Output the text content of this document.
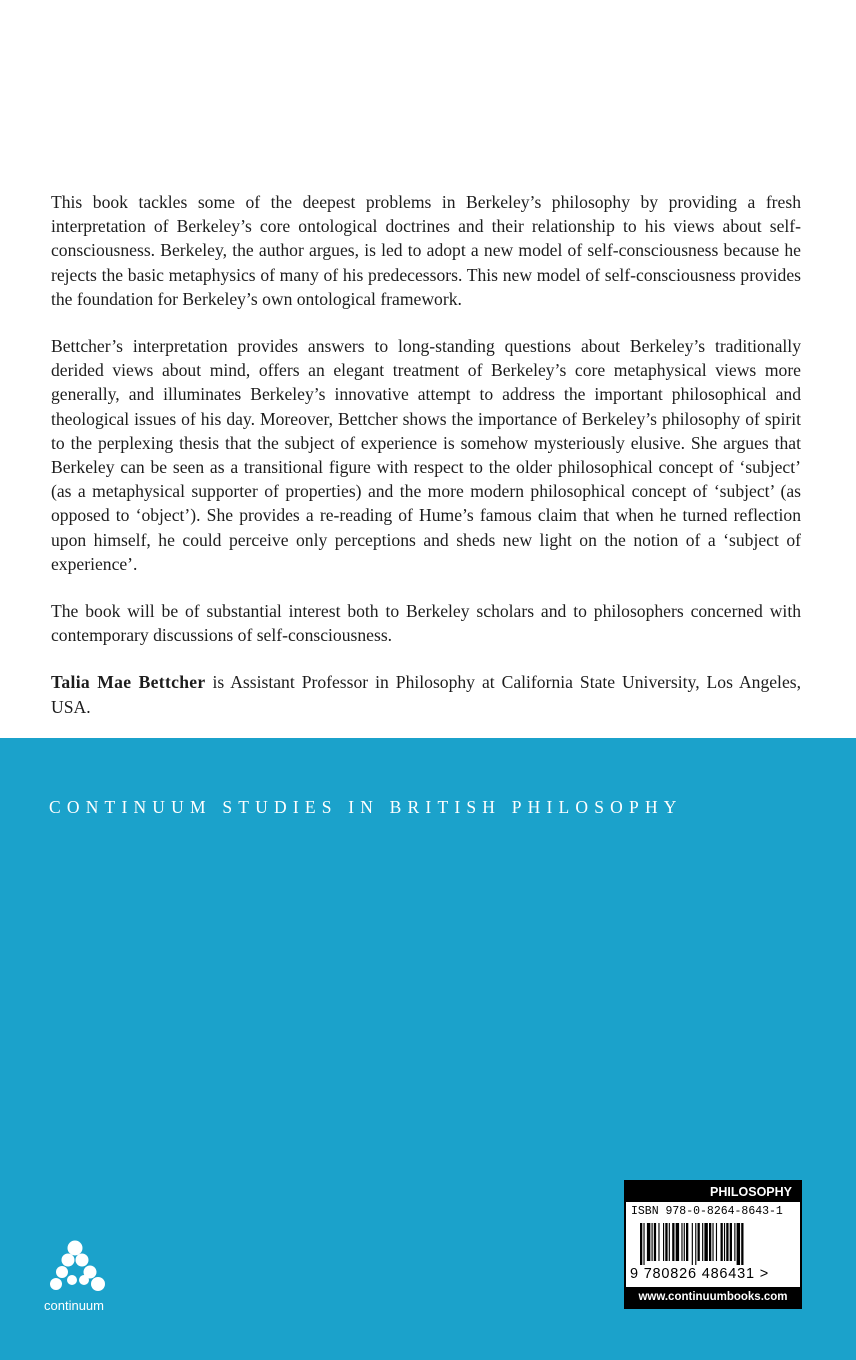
This book tackles some of the deepest problems in Berkeley’s philosophy by providing a fresh interpretation of Berkeley’s core ontological doctrines and their relationship to his views about self-consciousness. Berkeley, the author argues, is led to adopt a new model of self-consciousness because he rejects the basic metaphysics of many of his predecessors. This new model of self-consciousness provides the foundation for Berkeley’s own ontological framework.

Bettcher’s interpretation provides answers to long-standing questions about Berkeley’s traditionally derided views about mind, offers an elegant treatment of Berkeley’s core metaphysical views more generally, and illuminates Berkeley’s innovative attempt to address the important philosophical and theological issues of his day. Moreover, Bettcher shows the importance of Berkeley’s philosophy of spirit to the perplexing thesis that the subject of experience is somehow mysteriously elusive. She argues that Berkeley can be seen as a transitional figure with respect to the older philosophical concept of ‘subject’ (as a metaphysical supporter of properties) and the more modern philosophical concept of ‘subject’ (as opposed to ‘object’). She provides a re-reading of Hume’s famous claim that when he turned reflection upon himself, he could perceive only perceptions and sheds new light on the notion of a ‘subject of experience’.

The book will be of substantial interest both to Berkeley scholars and to philosophers concerned with contemporary discussions of self-consciousness.

Talia Mae Bettcher is Assistant Professor in Philosophy at California State University, Los Angeles, USA.

CONTINUUM STUDIES IN BRITISH PHILOSOPHY
continuum
PHILOSOPHY
ISBN 978-0-8264-8643-1
9 780826 486431 >
www.continuumbooks.com
